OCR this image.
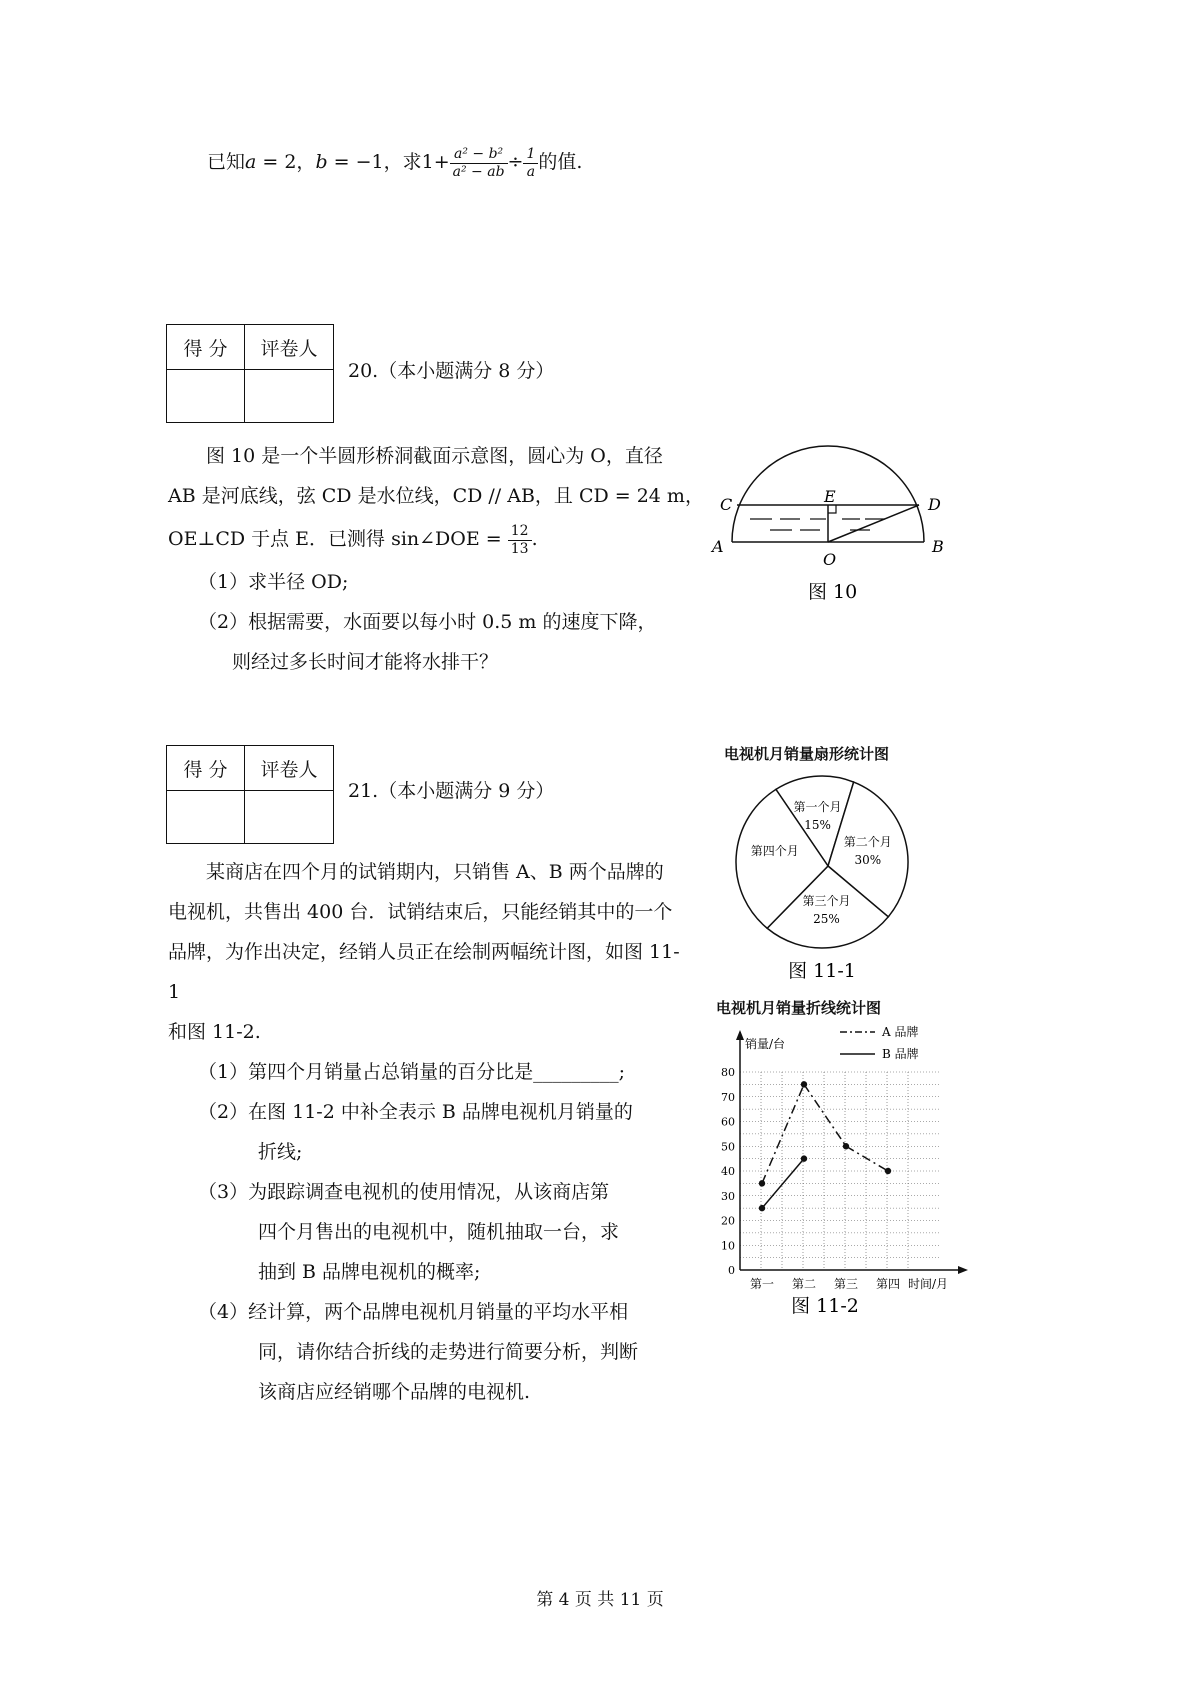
已知a = 2，b = −1，求$1+ \frac{\text{a² − b²}}{\text{a² − ab}} \div \frac{1}{a}$ 的值.
得 分	评卷人

20.（本小题满分 8 分）
图 10 是一个半圆形桥洞截面示意图，圆心为 O，直径
AB 是河底线，弦 CD 是水位线，CD // AB，且 CD = 24 m，
OE⊥CD 于点 E．已测得 sin∠DOE = $\frac{12}{13}$ .
（1）求半径 OD;
（2）根据需要，水面要以每小时 0.5 m 的速度下降，
则经过多长时间才能将水排干？
C	D
E
A	B
O
图 10
得 分	评卷人

21.（本小题满分 9 分）
某商店在四个月的试销期内，只销售 A、B 两个品牌的
电视机，共售出 400 台．试销结束后，只能经销其中的一个
品牌，为作出决定，经销人员正在绘制两幅统计图，如图 11-1
和图 11-2.
（1）第四个月销量占总销量的百分比是_________;
（2）在图 11-2 中补全表示 B 品牌电视机月销量的
折线;
（3）为跟踪调查电视机的使用情况，从该商店第
四个月售出的电视机中，随机抽取一台，求
抽到 B 品牌电视机的概率;
（4）经计算，两个品牌电视机月销量的平均水平相
同，请你结合折线的走势进行简要分析，判断
该商店应经销哪个品牌的电视机.
电视机月销量扇形统计图
第一个月
15%
第二个月
30%
第三个月
25%
第四个月
图 11-1
电视机月销量折线统计图
0
10
20
30
40
50
60
70
80
销量/台
时间/月
第一 第二 第三 第四
A 品牌
B 品牌
图 11-2
第 4 页 共 11 页
